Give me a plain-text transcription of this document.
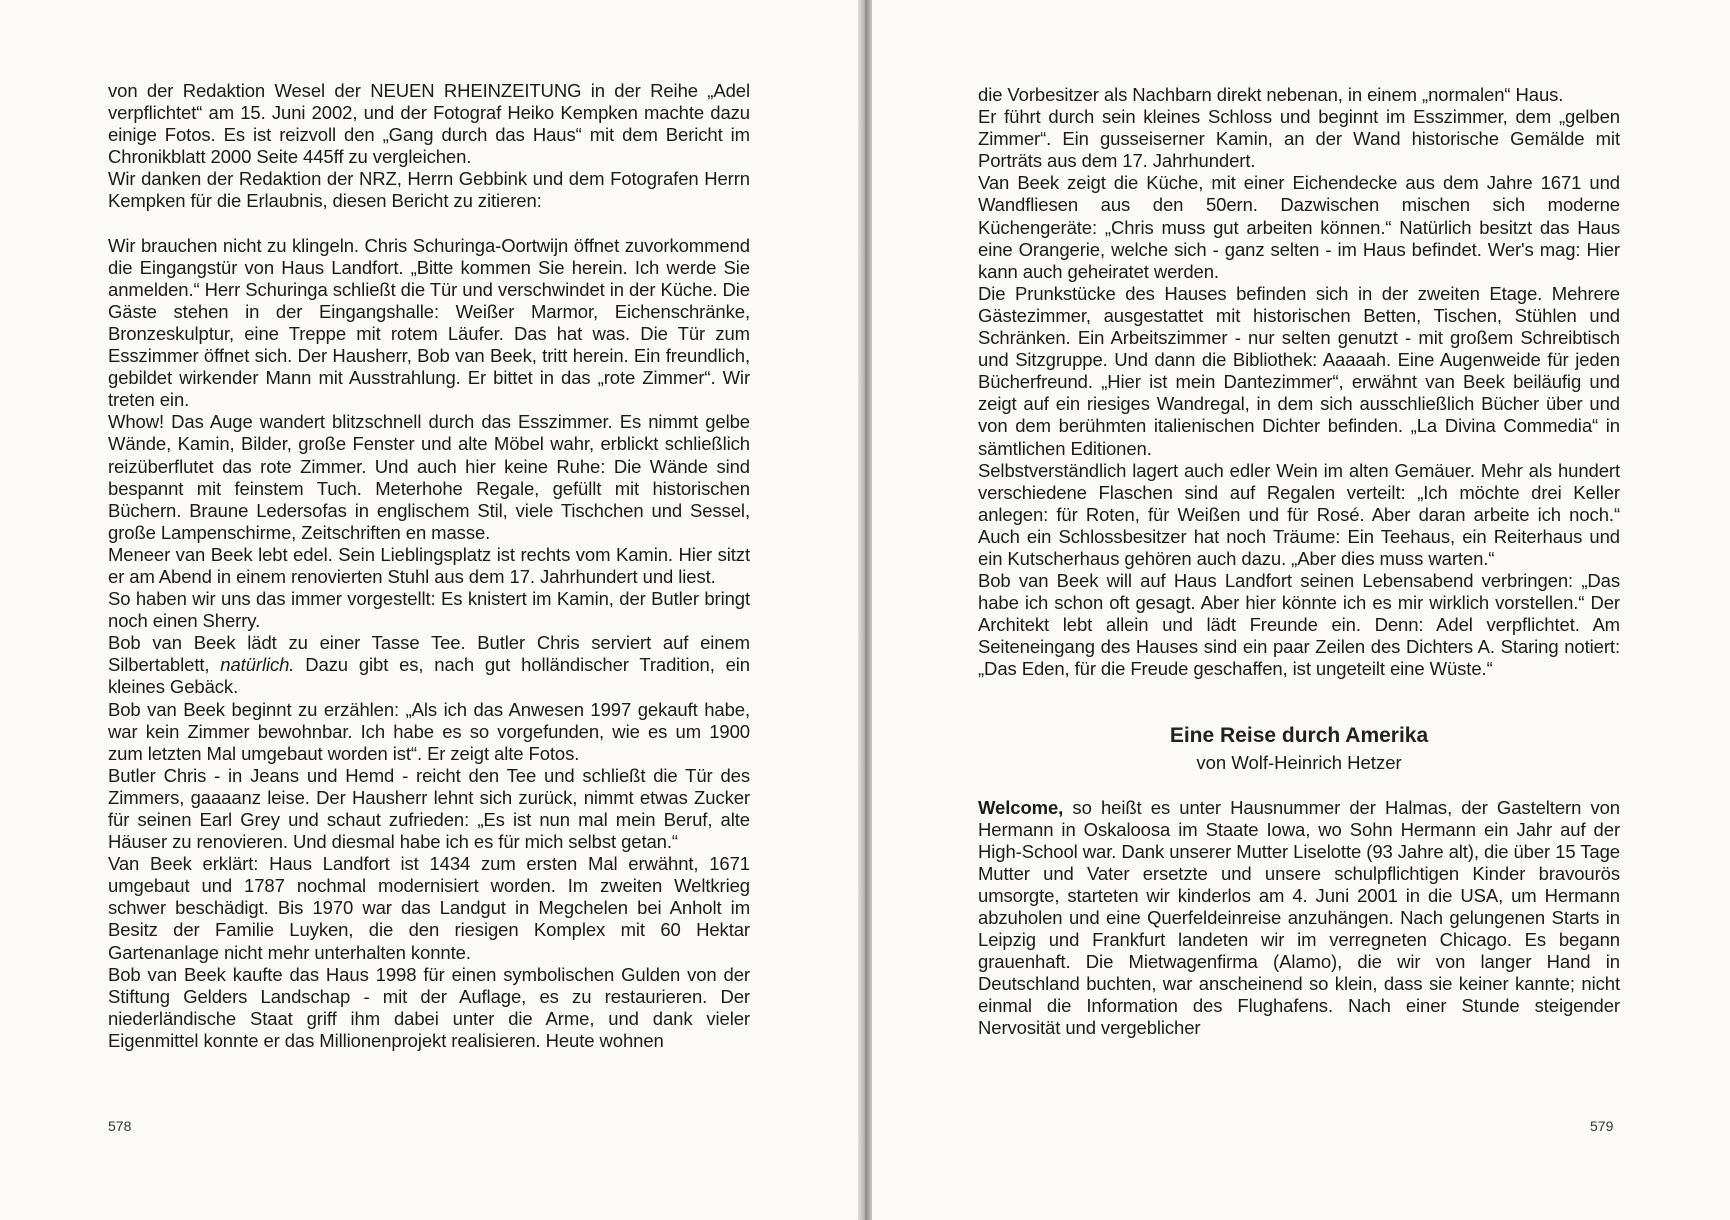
von der Redaktion Wesel der NEUEN RHEINZEITUNG in der Reihe „Adel verpflichtet“ am 15. Juni 2002, und der Fotograf Heiko Kempken machte dazu einige Fotos. Es ist reizvoll den „Gang durch das Haus“ mit dem Bericht im Chronikblatt 2000 Seite 445ff zu vergleichen.

Wir danken der Redaktion der NRZ, Herrn Gebbink und dem Fotografen Herrn Kempken für die Erlaubnis, diesen Bericht zu zitieren:

Wir brauchen nicht zu klingeln. Chris Schuringa-Oortwijn öffnet zuvorkommend die Eingangstür von Haus Landfort. „Bitte kommen Sie herein. Ich werde Sie anmelden.“ Herr Schuringa schließt die Tür und verschwindet in der Küche. Die Gäste stehen in der Eingangshalle: Weißer Marmor, Eichenschränke, Bronzeskulptur, eine Treppe mit rotem Läufer. Das hat was. Die Tür zum Esszimmer öffnet sich. Der Hausherr, Bob van Beek, tritt herein. Ein freundlich, gebildet wirkender Mann mit Ausstrahlung. Er bittet in das „rote Zimmer“. Wir treten ein.

Whow! Das Auge wandert blitzschnell durch das Esszimmer. Es nimmt gelbe Wände, Kamin, Bilder, große Fenster und alte Möbel wahr, erblickt schließlich reizüberflutet das rote Zimmer. Und auch hier keine Ruhe: Die Wände sind bespannt mit feinstem Tuch. Meterhohe Regale, gefüllt mit historischen Büchern. Braune Ledersofas in englischem Stil, viele Tischchen und Sessel, große Lampenschirme, Zeitschriften en masse.

Meneer van Beek lebt edel. Sein Lieblingsplatz ist rechts vom Kamin. Hier sitzt er am Abend in einem renovierten Stuhl aus dem 17. Jahrhundert und liest.

So haben wir uns das immer vorgestellt: Es knistert im Kamin, der Butler bringt noch einen Sherry.

Bob van Beek lädt zu einer Tasse Tee. Butler Chris serviert auf einem Silbertablett, natürlich. Dazu gibt es, nach gut holländischer Tradition, ein kleines Gebäck.

Bob van Beek beginnt zu erzählen: „Als ich das Anwesen 1997 gekauft habe, war kein Zimmer bewohnbar. Ich habe es so vorgefunden, wie es um 1900 zum letzten Mal umgebaut worden ist“. Er zeigt alte Fotos.

Butler Chris - in Jeans und Hemd - reicht den Tee und schließt die Tür des Zimmers, gaaaanz leise. Der Hausherr lehnt sich zurück, nimmt etwas Zucker für seinen Earl Grey und schaut zufrieden: „Es ist nun mal mein Beruf, alte Häuser zu renovieren. Und diesmal habe ich es für mich selbst getan.“

Van Beek erklärt: Haus Landfort ist 1434 zum ersten Mal erwähnt, 1671 umgebaut und 1787 nochmal modernisiert worden. Im zweiten Weltkrieg schwer beschädigt. Bis 1970 war das Landgut in Megchelen bei Anholt im Besitz der Familie Luyken, die den riesigen Komplex mit 60 Hektar Gartenanlage nicht mehr unterhalten konnte.

Bob van Beek kaufte das Haus 1998 für einen symbolischen Gulden von der Stiftung Gelders Landschap - mit der Auflage, es zu restaurieren. Der niederländische Staat griff ihm dabei unter die Arme, und dank vieler Eigenmittel konnte er das Millionenprojekt realisieren. Heute wohnen

578

die Vorbesitzer als Nachbarn direkt nebenan, in einem „normalen“ Haus.

Er führt durch sein kleines Schloss und beginnt im Esszimmer, dem „gelben Zimmer“. Ein gusseiserner Kamin, an der Wand historische Gemälde mit Porträts aus dem 17. Jahrhundert.

Van Beek zeigt die Küche, mit einer Eichendecke aus dem Jahre 1671 und Wandfliesen aus den 50ern. Dazwischen mischen sich moderne Küchengeräte: „Chris muss gut arbeiten können.“ Natürlich besitzt das Haus eine Orangerie, welche sich - ganz selten - im Haus befindet. Wer's mag: Hier kann auch geheiratet werden.

Die Prunkstücke des Hauses befinden sich in der zweiten Etage. Mehrere Gästezimmer, ausgestattet mit historischen Betten, Tischen, Stühlen und Schränken. Ein Arbeitszimmer - nur selten genutzt - mit großem Schreibtisch und Sitzgruppe. Und dann die Bibliothek: Aaaaah. Eine Augenweide für jeden Bücherfreund. „Hier ist mein Dantezimmer“, erwähnt van Beek beiläufig und zeigt auf ein riesiges Wandregal, in dem sich ausschließlich Bücher über und von dem berühmten italienischen Dichter befinden. „La Divina Commedia“ in sämtlichen Editionen.

Selbstverständlich lagert auch edler Wein im alten Gemäuer. Mehr als hundert verschiedene Flaschen sind auf Regalen verteilt: „Ich möchte drei Keller anlegen: für Roten, für Weißen und für Rosé. Aber daran arbeite ich noch.“ Auch ein Schlossbesitzer hat noch Träume: Ein Teehaus, ein Reiterhaus und ein Kutscherhaus gehören auch dazu. „Aber dies muss warten.“

Bob van Beek will auf Haus Landfort seinen Lebensabend verbringen: „Das habe ich schon oft gesagt. Aber hier könnte ich es mir wirklich vorstellen.“ Der Architekt lebt allein und lädt Freunde ein. Denn: Adel verpflichtet. Am Seiteneingang des Hauses sind ein paar Zeilen des Dichters A. Staring notiert: „Das Eden, für die Freude geschaffen, ist ungeteilt eine Wüste.“

Eine Reise durch Amerika

von Wolf-Heinrich Hetzer

Welcome, so heißt es unter Hausnummer der Halmas, der Gasteltern von Hermann in Oskaloosa im Staate Iowa, wo Sohn Hermann ein Jahr auf der High-School war. Dank unserer Mutter Liselotte (93 Jahre alt), die über 15 Tage Mutter und Vater ersetzte und unsere schulpflichtigen Kinder bravourös umsorgte, starteten wir kinderlos am 4. Juni 2001 in die USA, um Hermann abzuholen und eine Querfeldeinreise anzuhängen. Nach gelungenen Starts in Leipzig und Frankfurt landeten wir im verregneten Chicago. Es begann grauenhaft. Die Mietwagenfirma (Alamo), die wir von langer Hand in Deutschland buchten, war anscheinend so klein, dass sie keiner kannte; nicht einmal die Information des Flughafens. Nach einer Stunde steigender Nervosität und vergeblicher

579
